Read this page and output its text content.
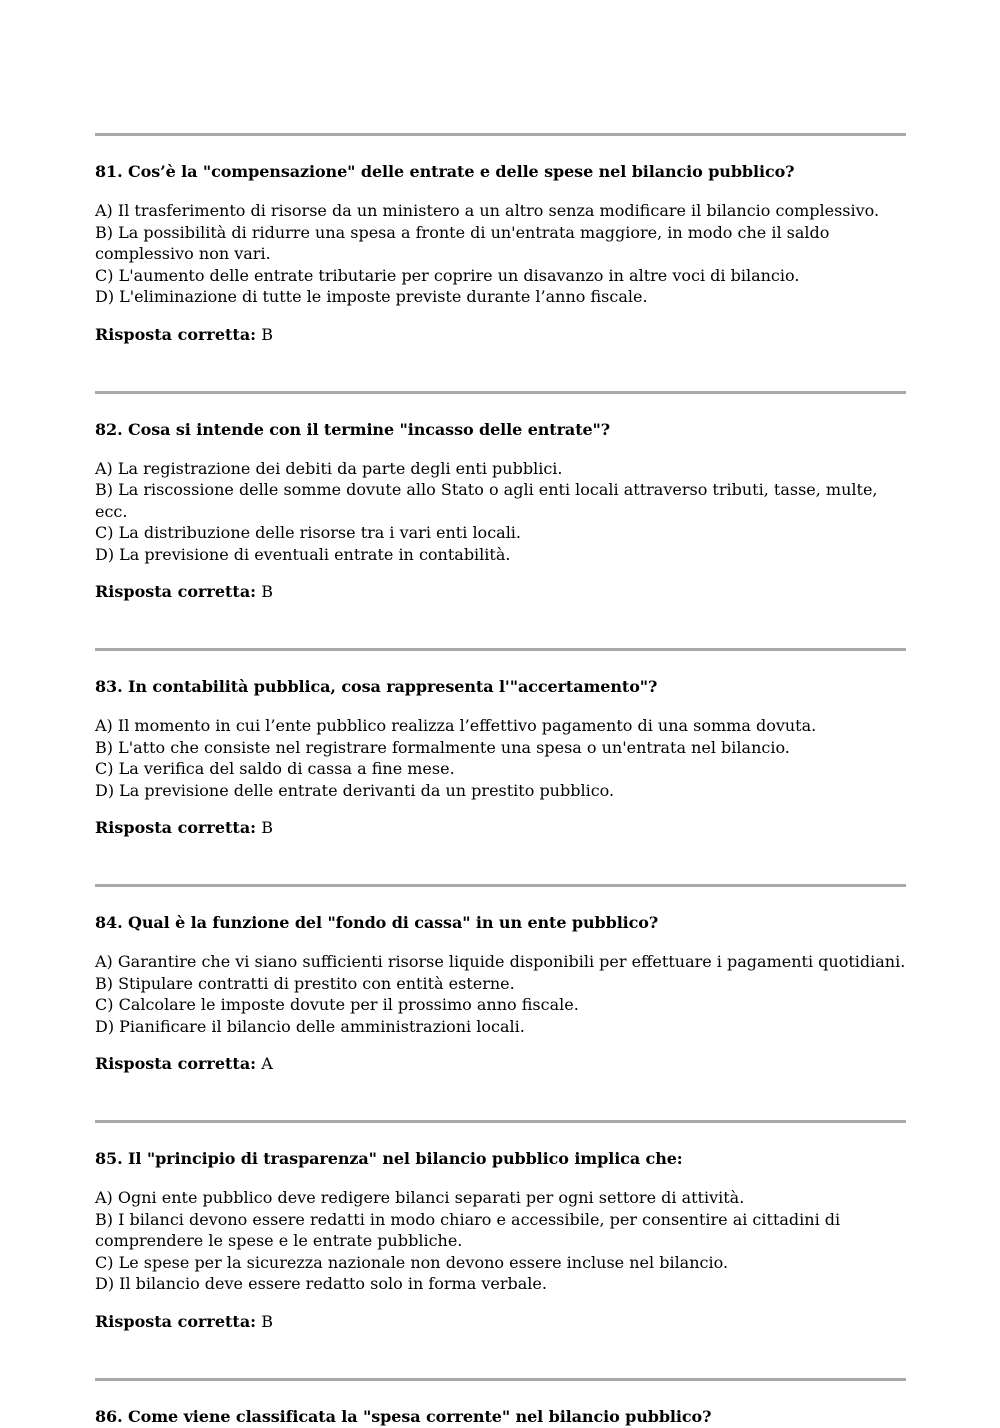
81. Cos’è la "compensazione" delle entrate e delle spese nel bilancio pubblico?

A) Il trasferimento di risorse da un ministero a un altro senza modificare il bilancio complessivo.

B) La possibilità di ridurre una spesa a fronte di un'entrata maggiore, in modo che il saldo complessivo non vari.

C) L'aumento delle entrate tributarie per coprire un disavanzo in altre voci di bilancio.

D) L'eliminazione di tutte le imposte previste durante l’anno fiscale.

Risposta corretta: B

82. Cosa si intende con il termine "incasso delle entrate"?

A) La registrazione dei debiti da parte degli enti pubblici.

B) La riscossione delle somme dovute allo Stato o agli enti locali attraverso tributi, tasse, multe, ecc.

C) La distribuzione delle risorse tra i vari enti locali.

D) La previsione di eventuali entrate in contabilità.

Risposta corretta: B

83. In contabilità pubblica, cosa rappresenta l'"accertamento"?

A) Il momento in cui l’ente pubblico realizza l’effettivo pagamento di una somma dovuta.

B) L'atto che consiste nel registrare formalmente una spesa o un'entrata nel bilancio.

C) La verifica del saldo di cassa a fine mese.

D) La previsione delle entrate derivanti da un prestito pubblico.

Risposta corretta: B

84. Qual è la funzione del "fondo di cassa" in un ente pubblico?

A) Garantire che vi siano sufficienti risorse liquide disponibili per effettuare i pagamenti quotidiani.

B) Stipulare contratti di prestito con entità esterne.

C) Calcolare le imposte dovute per il prossimo anno fiscale.

D) Pianificare il bilancio delle amministrazioni locali.

Risposta corretta: A

85. Il "principio di trasparenza" nel bilancio pubblico implica che:

A) Ogni ente pubblico deve redigere bilanci separati per ogni settore di attività.

B) I bilanci devono essere redatti in modo chiaro e accessibile, per consentire ai cittadini di comprendere le spese e le entrate pubbliche.

C) Le spese per la sicurezza nazionale non devono essere incluse nel bilancio.

D) Il bilancio deve essere redatto solo in forma verbale.

Risposta corretta: B

86. Come viene classificata la "spesa corrente" nel bilancio pubblico?
